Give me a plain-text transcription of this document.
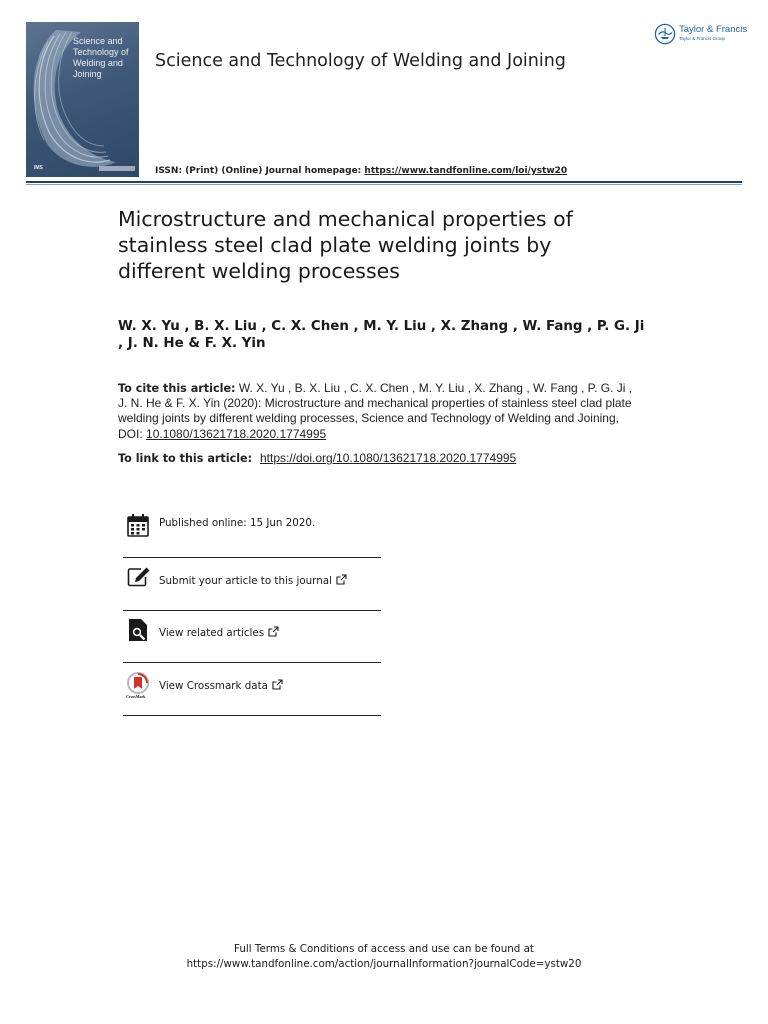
Science and Technology of Welding and Joining
IMS
Science and Technology of Welding and Joining
Taylor & Francis
Taylor & Francis Group
ISSN: (Print) (Online) Journal homepage: https://www.tandfonline.com/loi/ystw20
Microstructure and mechanical properties of stainless steel clad plate welding joints by different welding processes
W. X. Yu , B. X. Liu , C. X. Chen , M. Y. Liu , X. Zhang , W. Fang , P. G. Ji , J. N. He & F. X. Yin
To cite this article: W. X. Yu , B. X. Liu , C. X. Chen , M. Y. Liu , X. Zhang , W. Fang , P. G. Ji , J. N. He & F. X. Yin (2020): Microstructure and mechanical properties of stainless steel clad plate welding joints by different welding processes, Science and Technology of Welding and Joining, DOI: 10.1080/13621718.2020.1774995
To link to this article: https://doi.org/10.1080/13621718.2020.1774995
Published online: 15 Jun 2020.
Submit your article to this journal
View related articles
CrossMark
View Crossmark data
Full Terms & Conditions of access and use can be found at
https://www.tandfonline.com/action/journalInformation?journalCode=ystw20
